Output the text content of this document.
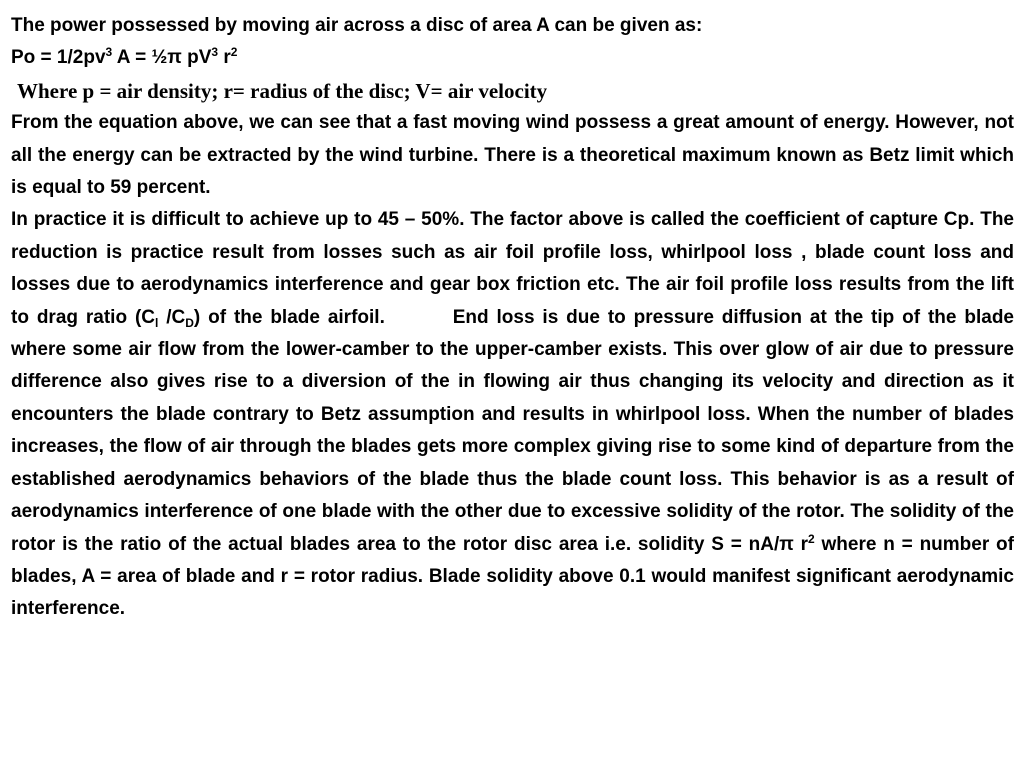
The power possessed by moving air across a disc of area A can be given as:

$Po = 1/2pv^3$ A = ½π $pV^3$ $r^2$

Where p = air density; r= radius of the disc; V= air velocity

From the equation above, we can see that a fast moving wind possess a great amount of energy. However, not all the energy can be extracted by the wind turbine. There is a theoretical maximum known as Betz limit which is equal to 59 percent.

In practice it is difficult to achieve up to 45 – 50%. The factor above is called the coefficient of capture Cp. The reduction is practice result from losses such as air foil profile loss, whirlpool loss , blade count loss and losses due to aerodynamics interference and gear box friction etc. The air foil profile loss results from the lift to drag ratio ($C_l$ $/C_D$) of the blade airfoil.	End loss is due to pressure diffusion at the tip of the blade where some air flow from the lower-camber to the upper-camber exists. This over glow of air due to pressure difference also gives rise to a diversion of the in flowing air thus changing its velocity and direction as it encounters the blade contrary to Betz assumption and results in whirlpool loss. When the number of blades increases, the flow of air through the blades gets more complex giving rise to some kind of departure from the established aerodynamics behaviors of the blade thus the blade count loss. This behavior is as a result of aerodynamics interference of one blade with the other due to excessive solidity of the rotor. The solidity of the rotor is the ratio of the actual blades area to the rotor disc area i.e. solidity S = nA/π $r^2$ where n = number of blades, A = area of blade and r = rotor radius. Blade solidity above 0.1 would manifest significant aerodynamic interference.
